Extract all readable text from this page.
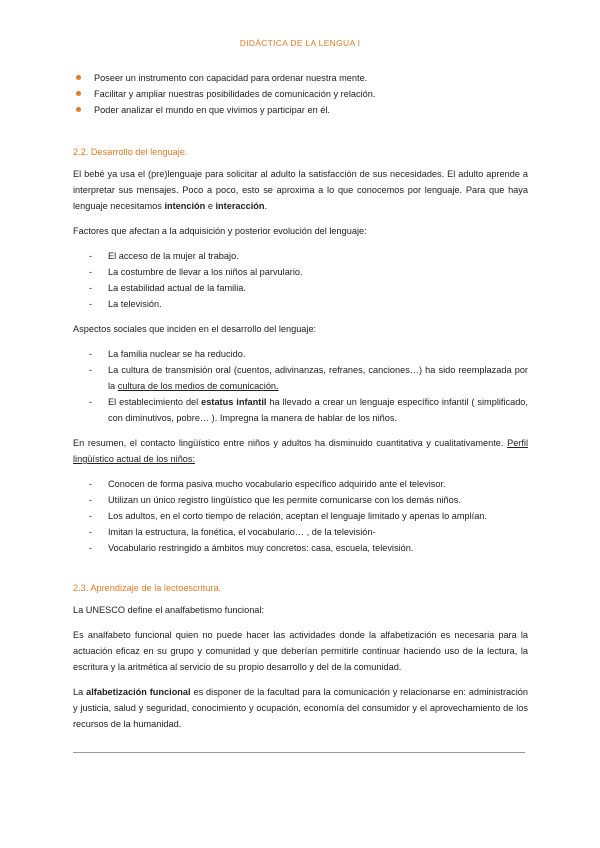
DIDÁCTICA DE LA LENGUA I
Poseer un instrumento con capacidad para ordenar nuestra mente.
Facilitar y ampliar nuestras posibilidades de comunicación y relación.
Poder analizar el mundo en que vivimos y participar en él.
2.2. Desarrollo del lenguaje.

El bebé ya usa el (pre)lenguaje para solicitar al adulto la satisfacción de sus necesidades. El adulto aprende a interpretar sus mensajes. Poco a poco, esto se aproxima a lo que conocemos por lenguaje. Para que haya lenguaje necesitamos intención e interacción.

Factores que afectan a la adquisición y posterior evolución del lenguaje:

- El acceso de la mujer al trabajo.
- La costumbre de llevar a los niños al parvulario.
- La estabilidad actual de la familia.
- La televisión.

Aspectos sociales que inciden en el desarrollo del lenguaje:

- La familia nuclear se ha reducido.
- La cultura de transmisión oral (cuentos, adivinanzas, refranes, canciones…) ha sido reemplazada por la cultura de los medios de comunicación.
- El establecimiento del estatus infantil ha llevado a crear un lenguaje específico infantil ( simplificado, con diminutivos, pobre… ). Impregna la manera de hablar de los niños.

En resumen, el contacto lingüístico entre niños y adultos ha disminuido cuantitativa y cualitativamente. Perfil lingüístico actual de los niños:

- Conocen de forma pasiva mucho vocabulario específico adquirido ante el televisor.
- Utilizan un único registro lingüístico que les permite comunicarse con los demás niños.
- Los adultos, en el corto tiempo de relación, aceptan el lenguaje limitado y apenas lo amplían.
- Imitan la estructura, la fonética, el vocabulario… , de la televisión-
- Vocabulario restringido a ámbitos muy concretos: casa, escuela, televisión.
2.3. Aprendizaje de la lectoescritura.

La UNESCO define el analfabetismo funcional:

Es analfabeto funcional quien no puede hacer las actividades donde la alfabetización es necesaria para la actuación eficaz en su grupo y comunidad y que deberían permitirle continuar haciendo uso de la lectura, la escritura y la aritmética al servicio de su propio desarrollo y del de la comunidad.

La alfabetización funcional es disponer de la facultad para la comunicación y relacionarse en: administración y justicia, salud y seguridad, conocimiento y ocupación, economía del consumidor y el aprovechamiento de los recursos de la humanidad.
